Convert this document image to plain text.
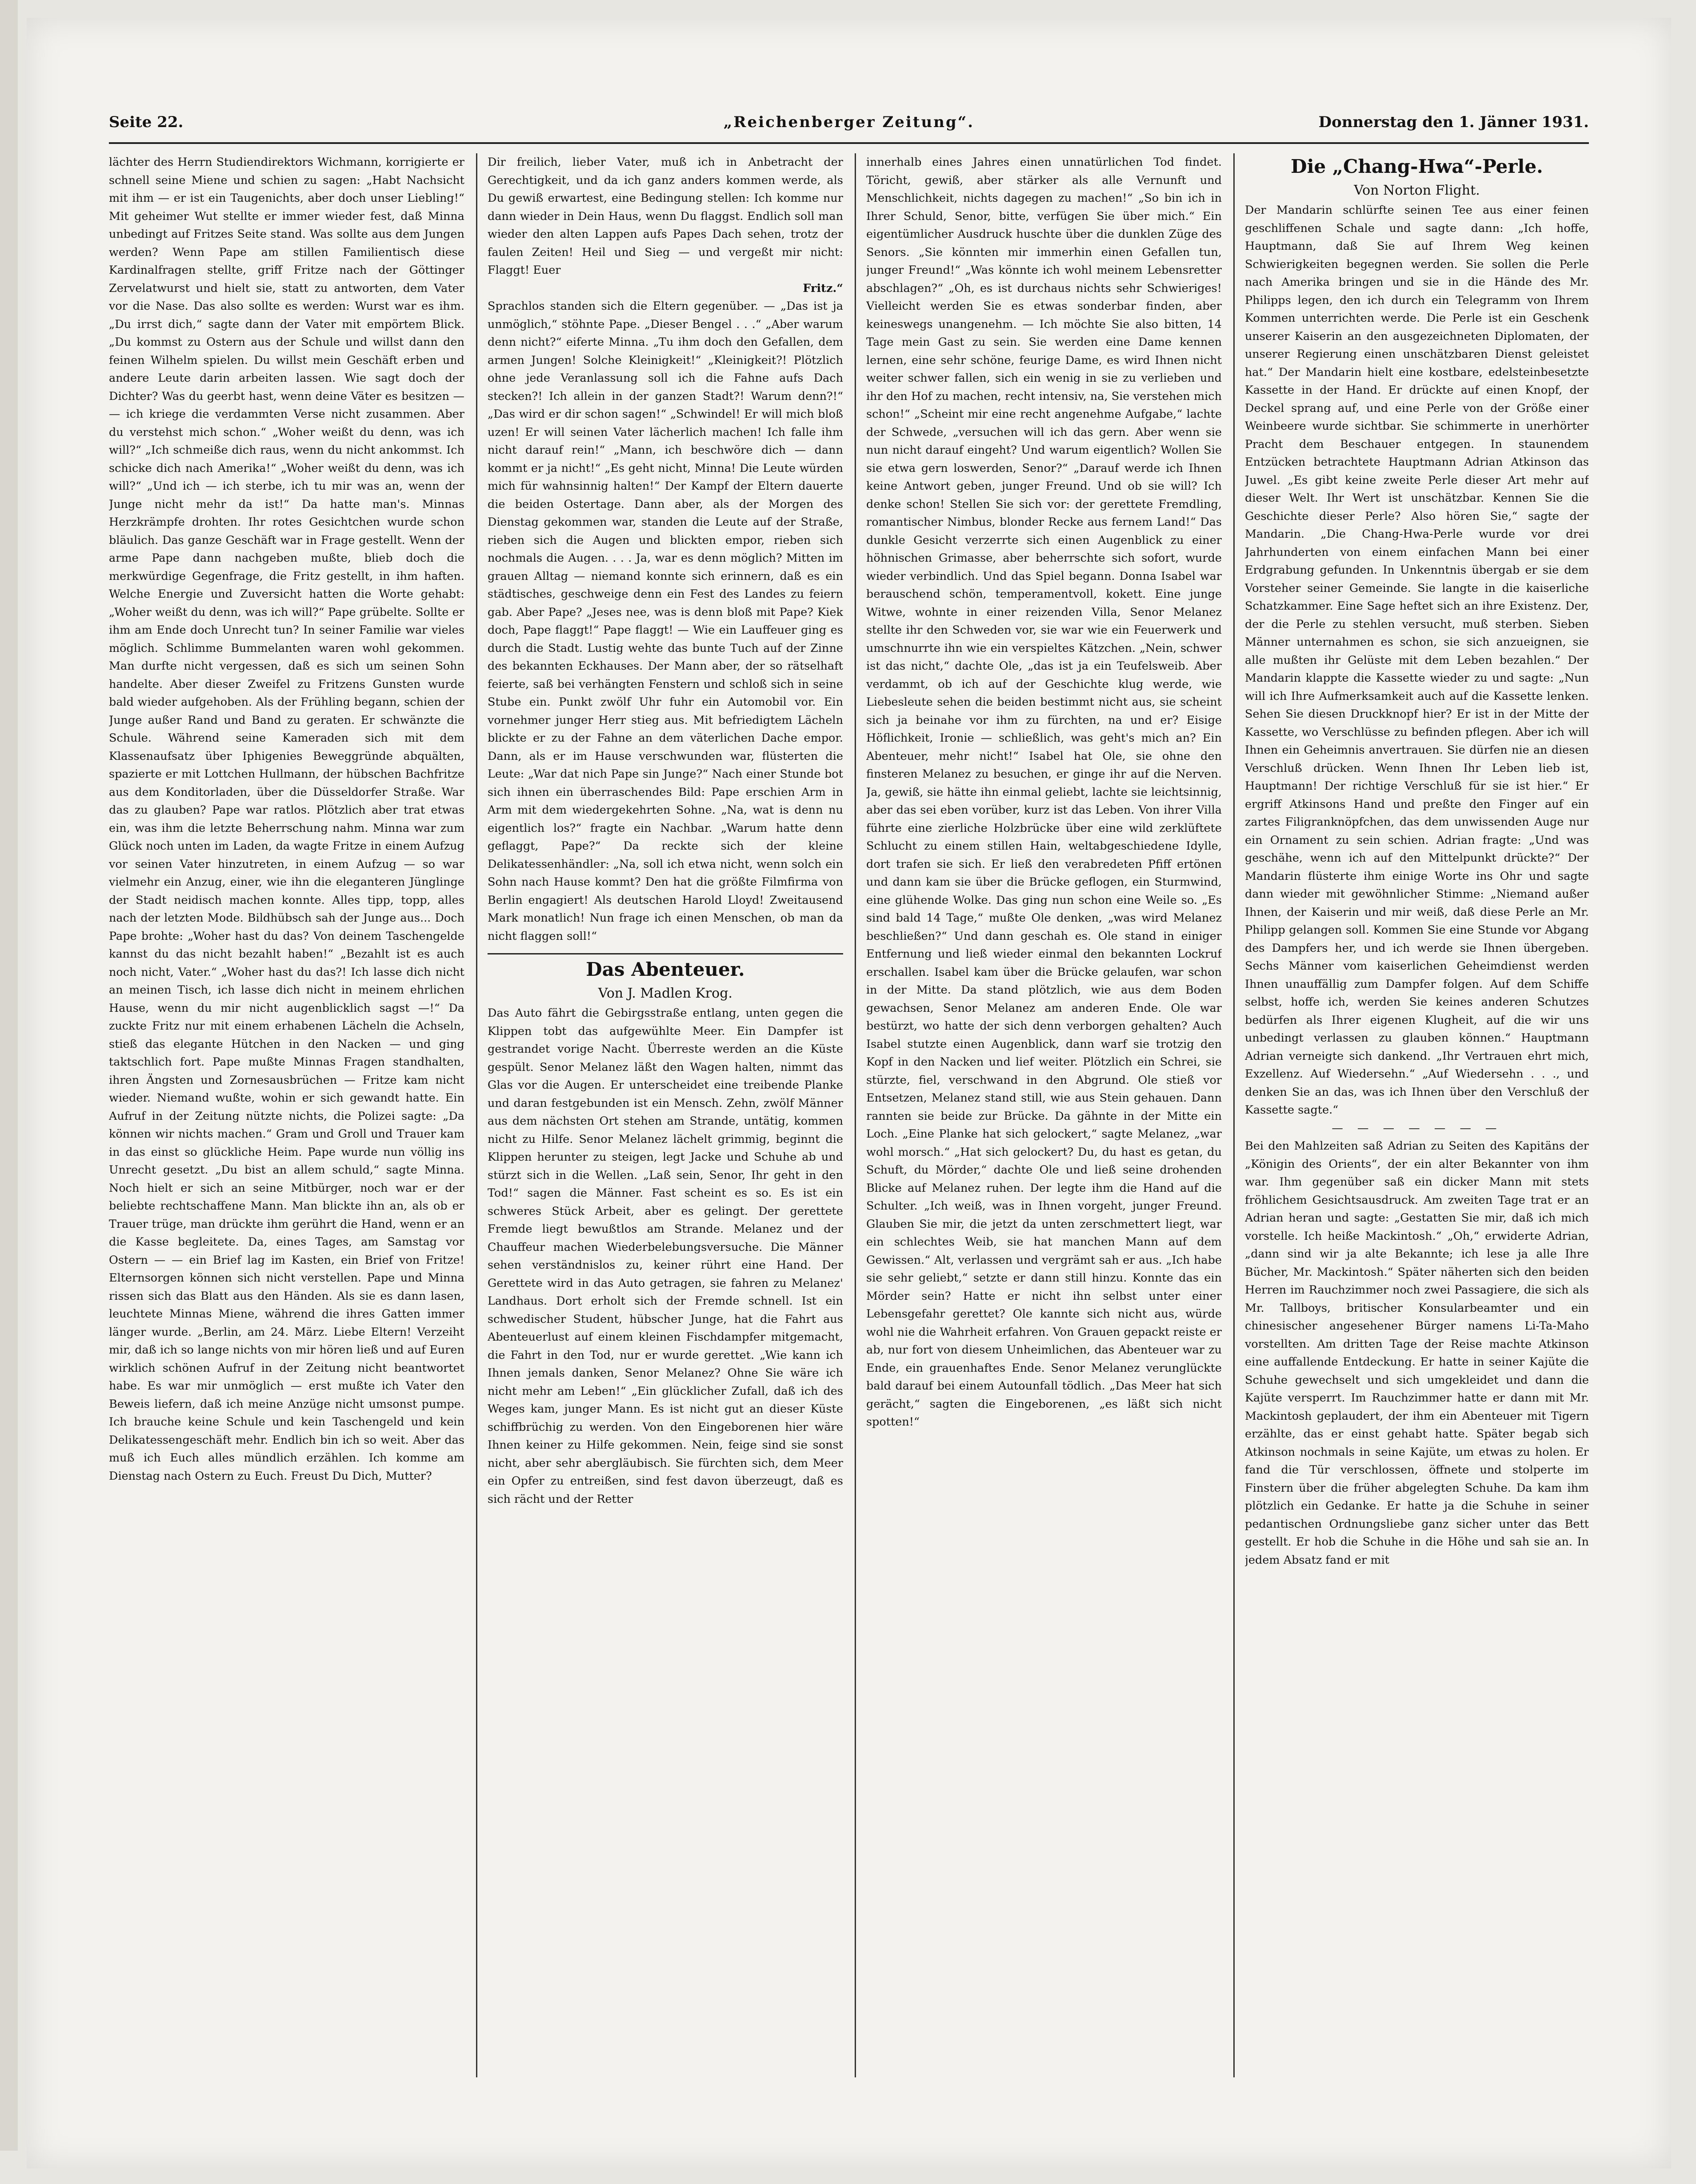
Seite 22.	„Reichenberger Zeitung“.	Donnerstag den 1. Jänner 1931.

lächter des Herrn Studiendirektors Wichmann, korrigierte er schnell seine Miene und schien zu sagen: „Habt Nachsicht mit ihm — er ist ein Taugenichts, aber doch unser Liebling!“ Mit geheimer Wut stellte er immer wieder fest, daß Minna unbedingt auf Fritzes Seite stand. Was sollte aus dem Jungen werden? Wenn Pape am stillen Familientisch diese Kardinalfragen stellte, griff Fritze nach der Göttinger Zervelatwurst und hielt sie, statt zu antworten, dem Vater vor die Nase. Das also sollte es werden: Wurst war es ihm. „Du irrst dich,“ sagte dann der Vater mit empörtem Blick. „Du kommst zu Ostern aus der Schule und willst dann den feinen Wilhelm spielen. Du willst mein Geschäft erben und andere Leute darin arbeiten lassen. Wie sagt doch der Dichter? Was du geerbt hast, wenn deine Väter es besitzen — — ich kriege die verdammten Verse nicht zusammen. Aber du verstehst mich schon.“ „Woher weißt du denn, was ich will?“ „Ich schmeiße dich raus, wenn du nicht ankommst. Ich schicke dich nach Amerika!“ „Woher weißt du denn, was ich will?“ „Und ich — ich sterbe, ich tu mir was an, wenn der Junge nicht mehr da ist!“ Da hatte man's. Minnas Herzkrämpfe drohten. Ihr rotes Gesichtchen wurde schon bläulich. Das ganze Geschäft war in Frage gestellt. Wenn der arme Pape dann nachgeben mußte, blieb doch die merkwürdige Gegenfrage, die Fritz gestellt, in ihm haften. Welche Energie und Zuversicht hatten die Worte gehabt: „Woher weißt du denn, was ich will?“ Pape grübelte. Sollte er ihm am Ende doch Unrecht tun? In seiner Familie war vieles möglich. Schlimme Bummelanten waren wohl gekommen. Man durfte nicht vergessen, daß es sich um seinen Sohn handelte. Aber dieser Zweifel zu Fritzens Gunsten wurde bald wieder aufgehoben. Als der Frühling begann, schien der Junge außer Rand und Band zu geraten. Er schwänzte die Schule. Während seine Kameraden sich mit dem Klassenaufsatz über Iphigenies Beweggründe abquälten, spazierte er mit Lottchen Hullmann, der hübschen Bachfritze aus dem Konditorladen, über die Düsseldorfer Straße. War das zu glauben? Pape war ratlos. Plötzlich aber trat etwas ein, was ihm die letzte Beherrschung nahm. Minna war zum Glück noch unten im Laden, da wagte Fritze in einem Aufzug vor seinen Vater hinzutreten, in einem Aufzug — so war vielmehr ein Anzug, einer, wie ihn die eleganteren Jünglinge der Stadt neidisch machen konnte. Alles tipp, topp, alles nach der letzten Mode. Bildhübsch sah der Junge aus... Doch Pape brohte: „Woher hast du das? Von deinem Taschengelde kannst du das nicht bezahlt haben!“ „Bezahlt ist es auch noch nicht, Vater.“ „Woher hast du das?! Ich lasse dich nicht an meinen Tisch, ich lasse dich nicht in meinem ehrlichen Hause, wenn du mir nicht augenblicklich sagst —!“ Da zuckte Fritz nur mit einem erhabenen Lächeln die Achseln, stieß das elegante Hütchen in den Nacken — und ging taktschlich fort. Pape mußte Minnas Fragen standhalten, ihren Ängsten und Zornesausbrüchen — Fritze kam nicht wieder. Niemand wußte, wohin er sich gewandt hatte. Ein Aufruf in der Zeitung nützte nichts, die Polizei sagte: „Da können wir nichts machen.“ Gram und Groll und Trauer kam in das einst so glückliche Heim. Pape wurde nun völlig ins Unrecht gesetzt. „Du bist an allem schuld,“ sagte Minna. Noch hielt er sich an seine Mitbürger, noch war er der beliebte rechtschaffene Mann. Man blickte ihn an, als ob er Trauer trüge, man drückte ihm gerührt die Hand, wenn er an die Kasse begleitete. Da, eines Tages, am Samstag vor Ostern — — ein Brief lag im Kasten, ein Brief von Fritze! Elternsorgen können sich nicht verstellen. Pape und Minna rissen sich das Blatt aus den Händen. Als sie es dann lasen, leuchtete Minnas Miene, während die ihres Gatten immer länger wurde. „Berlin, am 24. März. Liebe Eltern! Verzeiht mir, daß ich so lange nichts von mir hören ließ und auf Euren wirklich schönen Aufruf in der Zeitung nicht beantwortet habe. Es war mir unmöglich — erst mußte ich Vater den Beweis liefern, daß ich meine Anzüge nicht umsonst pumpe. Ich brauche keine Schule und kein Taschengeld und kein Delikatessengeschäft mehr. Endlich bin ich so weit. Aber das muß ich Euch alles mündlich erzählen. Ich komme am Dienstag nach Ostern zu Euch. Freust Du Dich, Mutter?

Dir freilich, lieber Vater, muß ich in Anbetracht der Gerechtigkeit, und da ich ganz anders kommen werde, als Du gewiß erwartest, eine Bedingung stellen: Ich komme nur dann wieder in Dein Haus, wenn Du flaggst. Endlich soll man wieder den alten Lappen aufs Papes Dach sehen, trotz der faulen Zeiten! Heil und Sieg — und vergeßt mir nicht: Flaggt! Euer

Fritz.“

Sprachlos standen sich die Eltern gegenüber. — „Das ist ja unmöglich,“ stöhnte Pape. „Dieser Bengel . . .“ „Aber warum denn nicht?“ eiferte Minna. „Tu ihm doch den Gefallen, dem armen Jungen! Solche Kleinigkeit!“ „Kleinigkeit?! Plötzlich ohne jede Veranlassung soll ich die Fahne aufs Dach stecken?! Ich allein in der ganzen Stadt?! Warum denn?!“ „Das wird er dir schon sagen!“ „Schwindel! Er will mich bloß uzen! Er will seinen Vater lächerlich machen! Ich falle ihm nicht darauf rein!“ „Mann, ich beschwöre dich — dann kommt er ja nicht!“ „Es geht nicht, Minna! Die Leute würden mich für wahnsinnig halten!“ Der Kampf der Eltern dauerte die beiden Ostertage. Dann aber, als der Morgen des Dienstag gekommen war, standen die Leute auf der Straße, rieben sich die Augen und blickten empor, rieben sich nochmals die Augen. . . . Ja, war es denn möglich? Mitten im grauen Alltag — niemand konnte sich erinnern, daß es ein städtisches, geschweige denn ein Fest des Landes zu feiern gab. Aber Pape? „Jeses nee, was is denn bloß mit Pape? Kiek doch, Pape flaggt!“ Pape flaggt! — Wie ein Lauffeuer ging es durch die Stadt. Lustig wehte das bunte Tuch auf der Zinne des bekannten Eckhauses. Der Mann aber, der so rätselhaft feierte, saß bei verhängten Fenstern und schloß sich in seine Stube ein. Punkt zwölf Uhr fuhr ein Automobil vor. Ein vornehmer junger Herr stieg aus. Mit befriedigtem Lächeln blickte er zu der Fahne an dem väterlichen Dache empor. Dann, als er im Hause verschwunden war, flüsterten die Leute: „War dat nich Pape sin Junge?“ Nach einer Stunde bot sich ihnen ein überraschendes Bild: Pape erschien Arm in Arm mit dem wiedergekehrten Sohne. „Na, wat is denn nu eigentlich los?“ fragte ein Nachbar. „Warum hatte denn geflaggt, Pape?“ Da reckte sich der kleine Delikatessenhändler: „Na, soll ich etwa nicht, wenn solch ein Sohn nach Hause kommt? Den hat die größte Filmfirma von Berlin engagiert! Als deutschen Harold Lloyd! Zweitausend Mark monatlich! Nun frage ich einen Menschen, ob man da nicht flaggen soll!“

Das Abenteuer.

Von J. Madlen Krog.

Das Auto fährt die Gebirgsstraße entlang, unten gegen die Klippen tobt das aufgewühlte Meer. Ein Dampfer ist gestrandet vorige Nacht. Überreste werden an die Küste gespült. Senor Melanez läßt den Wagen halten, nimmt das Glas vor die Augen. Er unterscheidet eine treibende Planke und daran festgebunden ist ein Mensch. Zehn, zwölf Männer aus dem nächsten Ort stehen am Strande, untätig, kommen nicht zu Hilfe. Senor Melanez lächelt grimmig, beginnt die Klippen herunter zu steigen, legt Jacke und Schuhe ab und stürzt sich in die Wellen. „Laß sein, Senor, Ihr geht in den Tod!“ sagen die Männer. Fast scheint es so. Es ist ein schweres Stück Arbeit, aber es gelingt. Der gerettete Fremde liegt bewußtlos am Strande. Melanez und der Chauffeur machen Wiederbelebungsversuche. Die Männer sehen verständnislos zu, keiner rührt eine Hand. Der Gerettete wird in das Auto getragen, sie fahren zu Melanez' Landhaus. Dort erholt sich der Fremde schnell. Ist ein schwedischer Student, hübscher Junge, hat die Fahrt aus Abenteuerlust auf einem kleinen Fischdampfer mitgemacht, die Fahrt in den Tod, nur er wurde gerettet. „Wie kann ich Ihnen jemals danken, Senor Melanez? Ohne Sie wäre ich nicht mehr am Leben!“ „Ein glücklicher Zufall, daß ich des Weges kam, junger Mann. Es ist nicht gut an dieser Küste schiffbrüchig zu werden. Von den Eingeborenen hier wäre Ihnen keiner zu Hilfe gekommen. Nein, feige sind sie sonst nicht, aber sehr abergläubisch. Sie fürchten sich, dem Meer ein Opfer zu entreißen, sind fest davon überzeugt, daß es sich rächt und der Retter

innerhalb eines Jahres einen unnatürlichen Tod findet. Töricht, gewiß, aber stärker als alle Vernunft und Menschlichkeit, nichts dagegen zu machen!“ „So bin ich in Ihrer Schuld, Senor, bitte, verfügen Sie über mich.“ Ein eigentümlicher Ausdruck huschte über die dunklen Züge des Senors. „Sie könnten mir immerhin einen Gefallen tun, junger Freund!“ „Was könnte ich wohl meinem Lebensretter abschlagen?“ „Oh, es ist durchaus nichts sehr Schwieriges! Vielleicht werden Sie es etwas sonderbar finden, aber keineswegs unangenehm. — Ich möchte Sie also bitten, 14 Tage mein Gast zu sein. Sie werden eine Dame kennen lernen, eine sehr schöne, feurige Dame, es wird Ihnen nicht weiter schwer fallen, sich ein wenig in sie zu verlieben und ihr den Hof zu machen, recht intensiv, na, Sie verstehen mich schon!“ „Scheint mir eine recht angenehme Aufgabe,“ lachte der Schwede, „versuchen will ich das gern. Aber wenn sie nun nicht darauf eingeht? Und warum eigentlich? Wollen Sie sie etwa gern loswerden, Senor?“ „Darauf werde ich Ihnen keine Antwort geben, junger Freund. Und ob sie will? Ich denke schon! Stellen Sie sich vor: der gerettete Fremdling, romantischer Nimbus, blonder Recke aus fernem Land!“ Das dunkle Gesicht verzerrte sich einen Augenblick zu einer höhnischen Grimasse, aber beherrschte sich sofort, wurde wieder verbindlich. Und das Spiel begann. Donna Isabel war berauschend schön, temperamentvoll, kokett. Eine junge Witwe, wohnte in einer reizenden Villa, Senor Melanez stellte ihr den Schweden vor, sie war wie ein Feuerwerk und umschnurrte ihn wie ein verspieltes Kätzchen. „Nein, schwer ist das nicht,“ dachte Ole, „das ist ja ein Teufelsweib. Aber verdammt, ob ich auf der Geschichte klug werde, wie Liebesleute sehen die beiden bestimmt nicht aus, sie scheint sich ja beinahe vor ihm zu fürchten, na und er? Eisige Höflichkeit, Ironie — schließlich, was geht's mich an? Ein Abenteuer, mehr nicht!“ Isabel hat Ole, sie ohne den finsteren Melanez zu besuchen, er ginge ihr auf die Nerven. Ja, gewiß, sie hätte ihn einmal geliebt, lachte sie leichtsinnig, aber das sei eben vorüber, kurz ist das Leben. Von ihrer Villa führte eine zierliche Holzbrücke über eine wild zerklüftete Schlucht zu einem stillen Hain, weltabgeschiedene Idylle, dort trafen sie sich. Er ließ den verabredeten Pfiff ertönen und dann kam sie über die Brücke geflogen, ein Sturmwind, eine glühende Wolke. Das ging nun schon eine Weile so. „Es sind bald 14 Tage,“ mußte Ole denken, „was wird Melanez beschließen?“ Und dann geschah es. Ole stand in einiger Entfernung und ließ wieder einmal den bekannten Lockruf erschallen. Isabel kam über die Brücke gelaufen, war schon in der Mitte. Da stand plötzlich, wie aus dem Boden gewachsen, Senor Melanez am anderen Ende. Ole war bestürzt, wo hatte der sich denn verborgen gehalten? Auch Isabel stutzte einen Augenblick, dann warf sie trotzig den Kopf in den Nacken und lief weiter. Plötzlich ein Schrei, sie stürzte, fiel, verschwand in den Abgrund. Ole stieß vor Entsetzen, Melanez stand still, wie aus Stein gehauen. Dann rannten sie beide zur Brücke. Da gähnte in der Mitte ein Loch. „Eine Planke hat sich gelockert,“ sagte Melanez, „war wohl morsch.“ „Hat sich gelockert? Du, du hast es getan, du Schuft, du Mörder,“ dachte Ole und ließ seine drohenden Blicke auf Melanez ruhen. Der legte ihm die Hand auf die Schulter. „Ich weiß, was in Ihnen vorgeht, junger Freund. Glauben Sie mir, die jetzt da unten zerschmettert liegt, war ein schlechtes Weib, sie hat manchen Mann auf dem Gewissen.“ Alt, verlassen und vergrämt sah er aus. „Ich habe sie sehr geliebt,“ setzte er dann still hinzu. Konnte das ein Mörder sein? Hatte er nicht ihn selbst unter einer Lebensgefahr gerettet? Ole kannte sich nicht aus, würde wohl nie die Wahrheit erfahren. Von Grauen gepackt reiste er ab, nur fort von diesem Unheimlichen, das Abenteuer war zu Ende, ein grauenhaftes Ende. Senor Melanez verunglückte bald darauf bei einem Autounfall tödlich. „Das Meer hat sich gerächt,“ sagten die Eingeborenen, „es läßt sich nicht spotten!“

Die „Chang-Hwa“-Perle.

Von Norton Flight.

Der Mandarin schlürfte seinen Tee aus einer feinen geschliffenen Schale und sagte dann: „Ich hoffe, Hauptmann, daß Sie auf Ihrem Weg keinen Schwierigkeiten begegnen werden. Sie sollen die Perle nach Amerika bringen und sie in die Hände des Mr. Philipps legen, den ich durch ein Telegramm von Ihrem Kommen unterrichten werde. Die Perle ist ein Geschenk unserer Kaiserin an den ausgezeichneten Diplomaten, der unserer Regierung einen unschätzbaren Dienst geleistet hat.“ Der Mandarin hielt eine kostbare, edelsteinbesetzte Kassette in der Hand. Er drückte auf einen Knopf, der Deckel sprang auf, und eine Perle von der Größe einer Weinbeere wurde sichtbar. Sie schimmerte in unerhörter Pracht dem Beschauer entgegen. In staunendem Entzücken betrachtete Hauptmann Adrian Atkinson das Juwel. „Es gibt keine zweite Perle dieser Art mehr auf dieser Welt. Ihr Wert ist unschätzbar. Kennen Sie die Geschichte dieser Perle? Also hören Sie,“ sagte der Mandarin. „Die Chang-Hwa-Perle wurde vor drei Jahrhunderten von einem einfachen Mann bei einer Erdgrabung gefunden. In Unkenntnis übergab er sie dem Vorsteher seiner Gemeinde. Sie langte in die kaiserliche Schatzkammer. Eine Sage heftet sich an ihre Existenz. Der, der die Perle zu stehlen versucht, muß sterben. Sieben Männer unternahmen es schon, sie sich anzueignen, sie alle mußten ihr Gelüste mit dem Leben bezahlen.“ Der Mandarin klappte die Kassette wieder zu und sagte: „Nun will ich Ihre Aufmerksamkeit auch auf die Kassette lenken. Sehen Sie diesen Druckknopf hier? Er ist in der Mitte der Kassette, wo Verschlüsse zu befinden pflegen. Aber ich will Ihnen ein Geheimnis anvertrauen. Sie dürfen nie an diesen Verschluß drücken. Wenn Ihnen Ihr Leben lieb ist, Hauptmann! Der richtige Verschluß für sie ist hier.“ Er ergriff Atkinsons Hand und preßte den Finger auf ein zartes Filigranknöpfchen, das dem unwissenden Auge nur ein Ornament zu sein schien. Adrian fragte: „Und was geschähe, wenn ich auf den Mittelpunkt drückte?“ Der Mandarin flüsterte ihm einige Worte ins Ohr und sagte dann wieder mit gewöhnlicher Stimme: „Niemand außer Ihnen, der Kaiserin und mir weiß, daß diese Perle an Mr. Philipp gelangen soll. Kommen Sie eine Stunde vor Abgang des Dampfers her, und ich werde sie Ihnen übergeben. Sechs Männer vom kaiserlichen Geheimdienst werden Ihnen unauffällig zum Dampfer folgen. Auf dem Schiffe selbst, hoffe ich, werden Sie keines anderen Schutzes bedürfen als Ihrer eigenen Klugheit, auf die wir uns unbedingt verlassen zu glauben können.“ Hauptmann Adrian verneigte sich dankend. „Ihr Vertrauen ehrt mich, Exzellenz. Auf Wiedersehn.“ „Auf Wiedersehn . . ., und denken Sie an das, was ich Ihnen über den Verschluß der Kassette sagte.“

— — — — — — —

Bei den Mahlzeiten saß Adrian zu Seiten des Kapitäns der „Königin des Orients“, der ein alter Bekannter von ihm war. Ihm gegenüber saß ein dicker Mann mit stets fröhlichem Gesichtsausdruck. Am zweiten Tage trat er an Adrian heran und sagte: „Gestatten Sie mir, daß ich mich vorstelle. Ich heiße Mackintosh.“ „Oh,“ erwiderte Adrian, „dann sind wir ja alte Bekannte; ich lese ja alle Ihre Bücher, Mr. Mackintosh.“ Später näherten sich den beiden Herren im Rauchzimmer noch zwei Passagiere, die sich als Mr. Tallboys, britischer Konsularbeamter und ein chinesischer angesehener Bürger namens Li-Ta-Maho vorstellten. Am dritten Tage der Reise machte Atkinson eine auffallende Entdeckung. Er hatte in seiner Kajüte die Schuhe gewechselt und sich umgekleidet und dann die Kajüte versperrt. Im Rauchzimmer hatte er dann mit Mr. Mackintosh geplaudert, der ihm ein Abenteuer mit Tigern erzählte, das er einst gehabt hatte. Später begab sich Atkinson nochmals in seine Kajüte, um etwas zu holen. Er fand die Tür verschlossen, öffnete und stolperte im Finstern über die früher abgelegten Schuhe. Da kam ihm plötzlich ein Gedanke. Er hatte ja die Schuhe in seiner pedantischen Ordnungsliebe ganz sicher unter das Bett gestellt. Er hob die Schuhe in die Höhe und sah sie an. In jedem Absatz fand er mit
